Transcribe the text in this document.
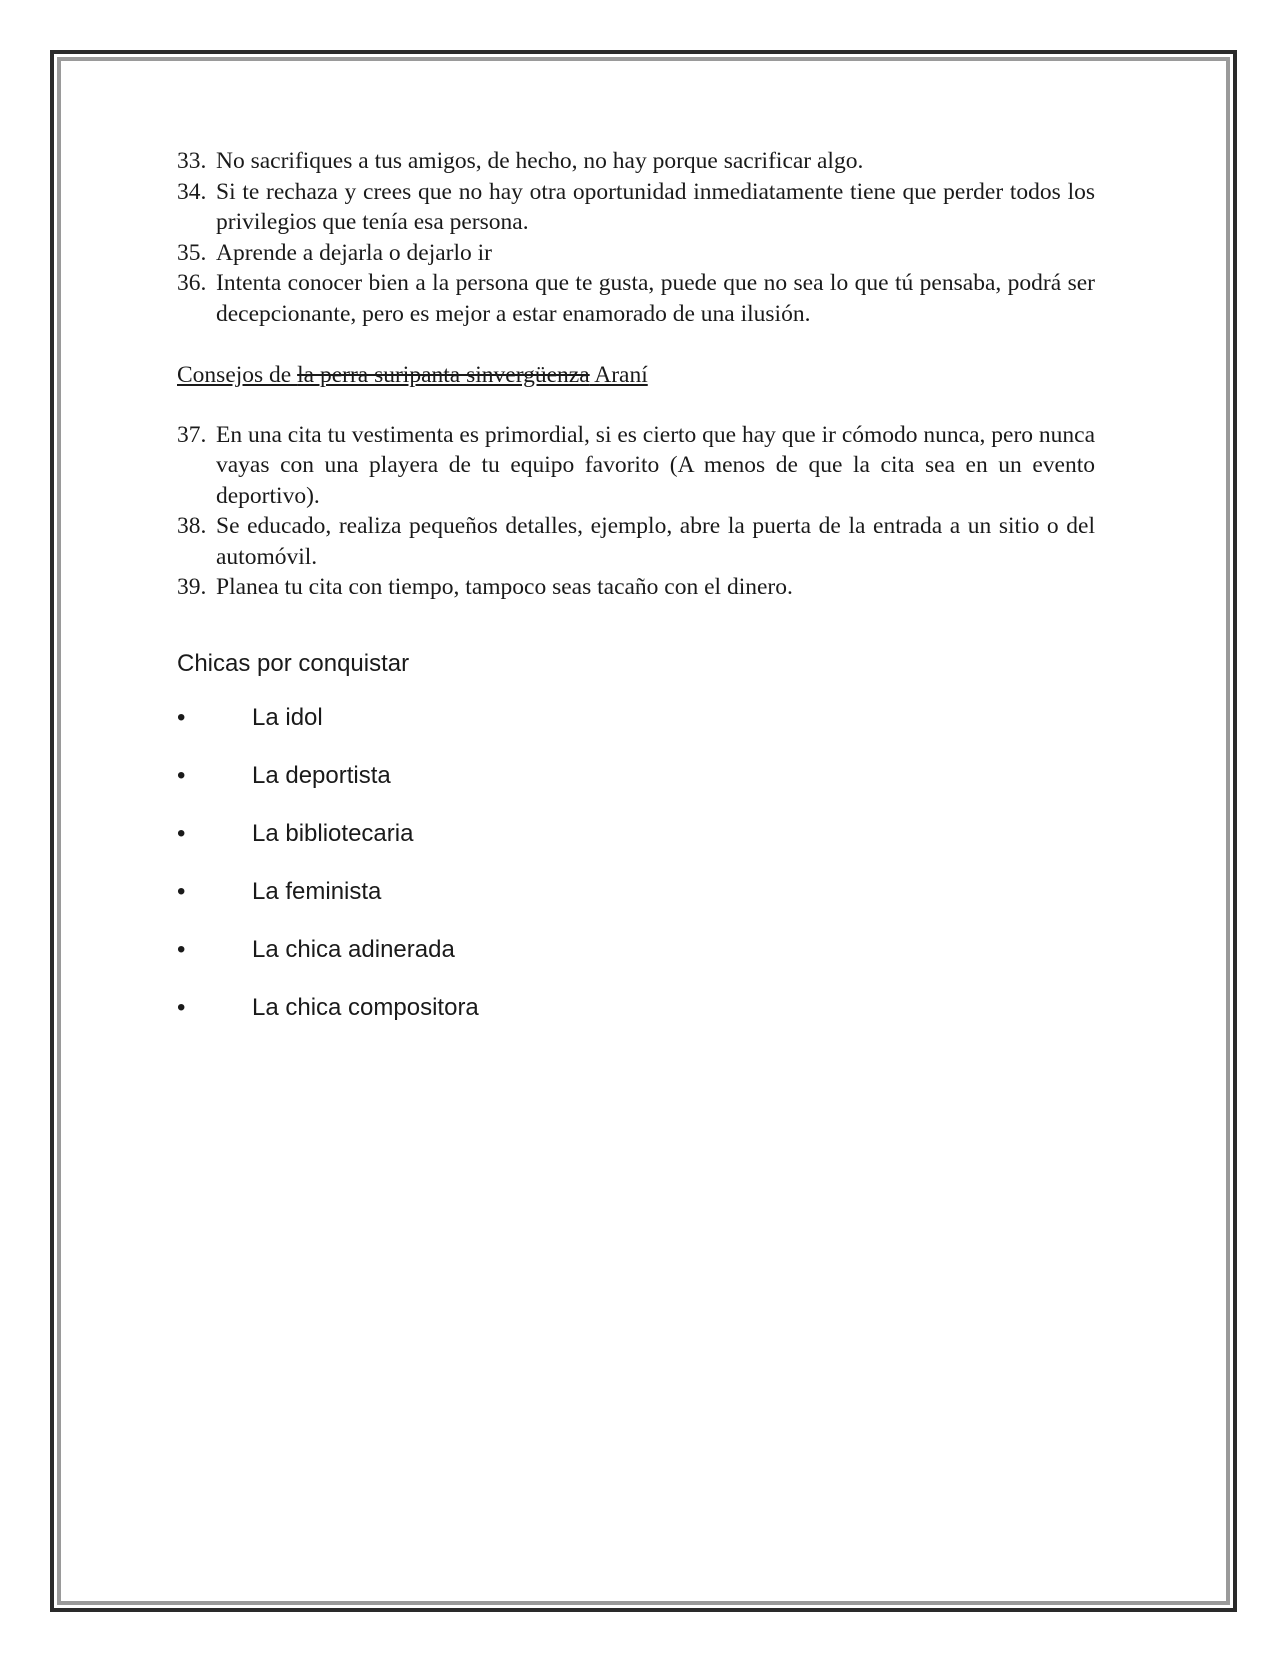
33. No sacrifiques a tus amigos, de hecho, no hay porque sacrificar algo.
34. Si te rechaza y crees que no hay otra oportunidad inmediatamente tiene que perder todos los privilegios que tenía esa persona.
35. Aprende a dejarla o dejarlo ir
36. Intenta conocer bien a la persona que te gusta, puede que no sea lo que tú pensaba, podrá ser decepcionante, pero es mejor a estar enamorado de una ilusión.
Consejos de la perra suripanta sinvergüenza Araní
37. En una cita tu vestimenta es primordial, si es cierto que hay que ir cómodo nunca, pero nunca vayas con una playera de tu equipo favorito (A menos de que la cita sea en un evento deportivo).
38. Se educado, realiza pequeños detalles, ejemplo, abre la puerta de la entrada a un sitio o del automóvil.
39. Planea tu cita con tiempo, tampoco seas tacaño con el dinero.
Chicas por conquistar
•	La idol
•	La deportista
•	La bibliotecaria
•	La feminista
•	La chica adinerada
•	La chica compositora
